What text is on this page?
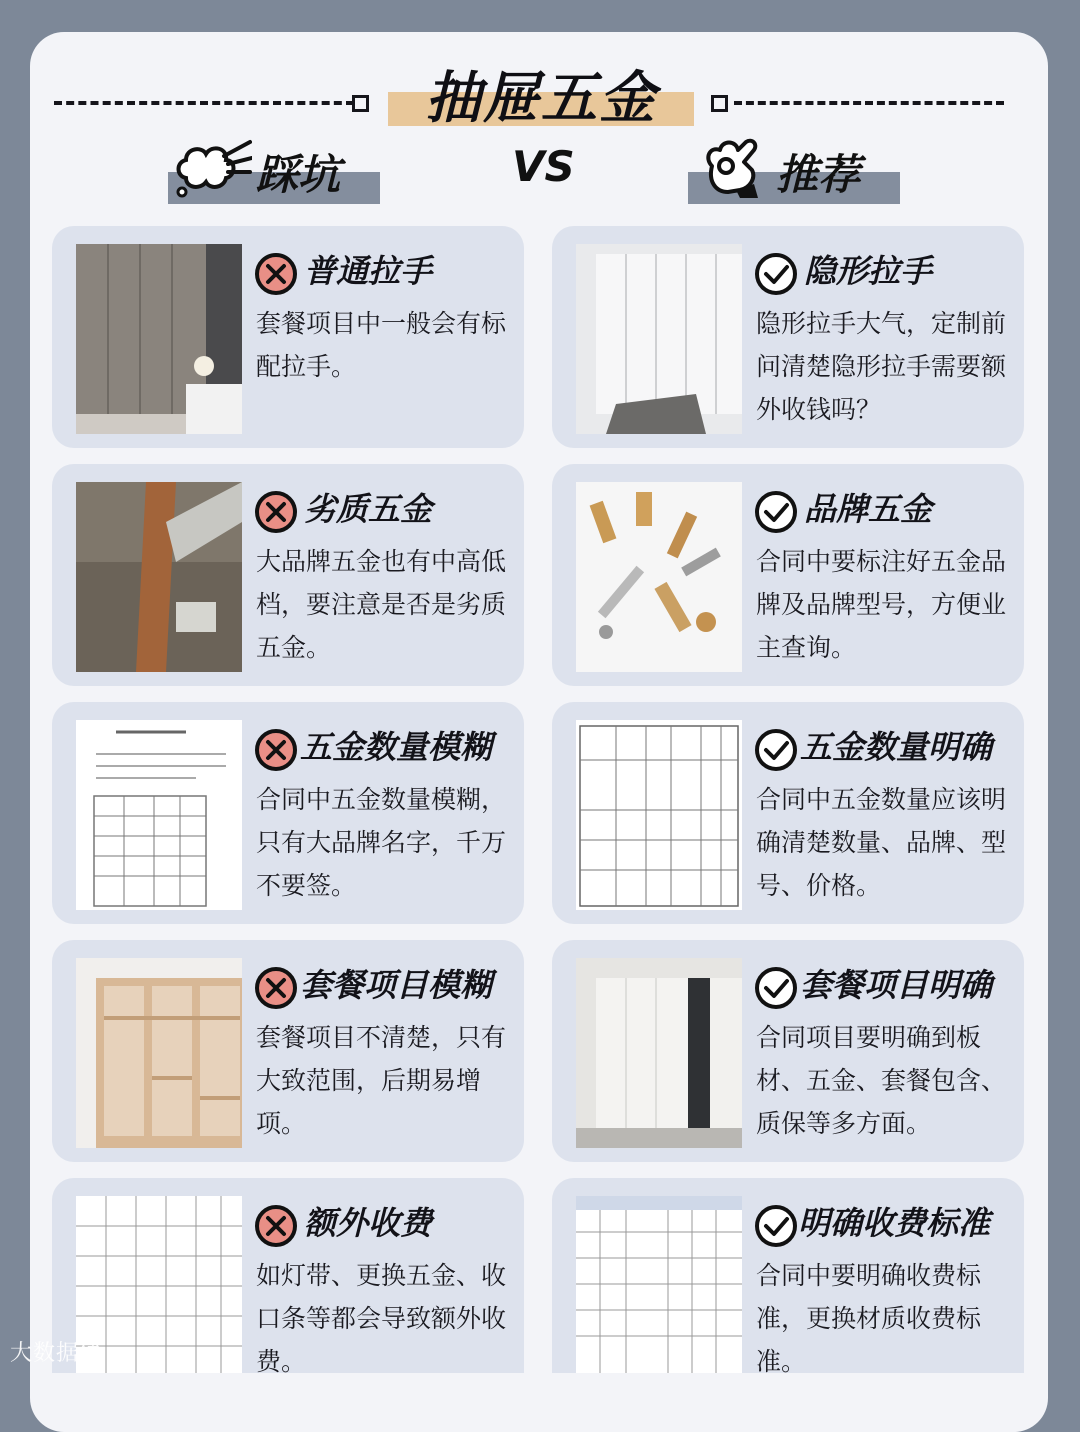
抽屉五金
踩坑	VS	推荐
普通拉手
套餐项目中一般会有标配拉手。
隐形拉手
隐形拉手大气，定制前问清楚隐形拉手需要额外收钱吗？
劣质五金
大品牌五金也有中高低档，要注意是否是劣质五金。
品牌五金
合同中要标注好五金品牌及品牌型号，方便业主查询。
五金数量模糊
合同中五金数量模糊，只有大品牌名字，千万不要签。
五金数量明确
合同中五金数量应该明确清楚数量、品牌、型号、价格。
套餐项目模糊
套餐项目不清楚，只有大致范围，后期易增项。
套餐项目明确
合同项目要明确到板材、五金、套餐包含、质保等多方面。
额外收费
如灯带、更换五金、收口条等都会导致额外收费。
明确收费标准
合同中要明确收费标准，更换材质收费标准。
大数据猜
